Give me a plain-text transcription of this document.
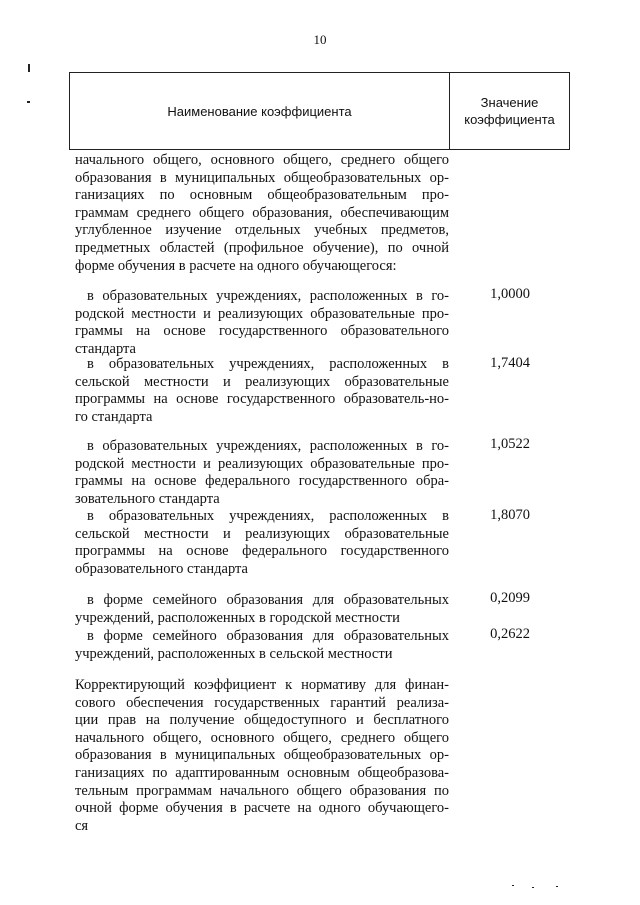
10
Наименование коэффициента
Значение
коэффициента
начального общего, основного общего, среднего общего
образования в муниципальных общеобразовательных ор-
ганизациях по основным общеобразовательным про-
граммам среднего общего образования, обеспечивающим
углубленное изучение отдельных учебных предметов,
предметных областей (профильное обучение), по очной
форме обучения в расчете на одного обучающегося:
в образовательных учреждениях, расположенных в го-
родской местности и реализующих образовательные про-
граммы на основе государственного образовательного
стандарта
1,0000
в образовательных учреждениях, расположенных в
сельской местности и реализующих образовательные
программы на основе государственного образователь-но-
го стандарта
1,7404
в образовательных учреждениях, расположенных в го-
родской местности и реализующих образовательные про-
граммы на основе федерального государственного обра-
зовательного стандарта
1,0522
в образовательных учреждениях, расположенных в
сельской местности и реализующих образовательные
программы на основе федерального государственного
образовательного стандарта
1,8070
в форме семейного образования для образовательных
учреждений, расположенных в городской местности
0,2099
в форме семейного образования для образовательных
учреждений, расположенных в сельской местности
0,2622
Корректирующий коэффициент к нормативу для финан-
сового обеспечения государственных гарантий реализа-
ции прав на получение общедоступного и бесплатного
начального общего, основного общего, среднего общего
образования в муниципальных общеобразовательных ор-
ганизациях по адаптированным основным общеобразова-
тельным программам начального общего образования по
очной форме обучения в расчете на одного обучающего-
ся
